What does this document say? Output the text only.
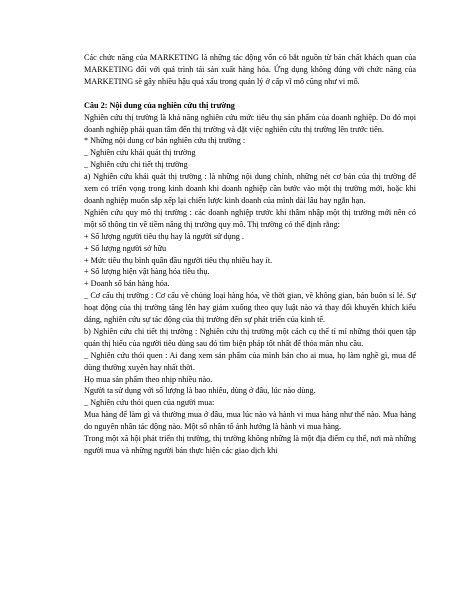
Các chức năng của MARKETING là những tác động vốn có bắt nguồn từ bản chất khách quan của MARKETING đối với quá trình tái sản xuất hàng hóa. Ứng dụng không đúng với chức năng của MARKETING sẽ gây nhiều hậu quả xấu trong quản lý ở cấp vĩ mô cũng như vi mô.

Câu 2: Nội dung của nghiên cứu thị trường

Nghiên cứu thị trường là khả năng nghiên cứu mức tiêu thụ sản phẩm của doanh nghiệp. Do đó mọi doanh nghiệp phải quan tâm đến thị trường và đặt việc nghiên cứu thị trường lên trước tiên.

* Những nội dung cơ bản nghiên cứu thị trường :

_ Nghiên cứu khái quát thị trường

_ Nghiên cứu chi tiết thị trường

a) Nghiên cứu khái quát thị trường : là những nội dung chính, những nét cơ bản của thị trường để xem có triển vọng trong kinh doanh khi doanh nghiệp cần bước vào một thị trường mới, hoặc khi doanh nghiệp muốn sắp xếp lại chiến lược kinh doanh của mình dài lâu hay ngắn hạn.

Nghiên cứu quy mô thị trường : các doanh nghiệp trước khi thâm nhập một thị trường mới nên có một số thông tin về tiềm năng thị trường quy mô. Thị trường có thể định rằng:

+ Số lượng người tiêu thụ hay là người sử dụng .

+ Số lượng người sở hữu

+ Mức tiêu thụ bình quân đầu người tiêu thụ nhiều hay ít.

+ Số lượng hiện vật hàng hóa tiêu thụ.

+ Doanh số bán hàng hóa.

_ Cơ cấu thị trường : Cơ cấu về chủng loại hàng hóa, về thời gian, về không gian, bán buôn sỉ lẻ. Sự hoạt động của thị trường tăng lên hay giảm xuống theo quy luật nào và thay đổi khuyến khích kiểu dáng, nghiên cứu sự tác động của thị trường đến sự phát triển của kinh tế.

b) Nghiên cứu chi tiết thị trường : Nghiên cứu thị trường một cách cụ thể tỉ mỉ những thói quen tập quán thị hiếu của người tiêu dùng sau đó tìm biện pháp tốt nhất để thỏa mãn nhu cầu.

_ Nghiên cứu thói quen : Ai đang xem sản phẩm của mình bán cho ai mua, họ làm nghề gì, mua để dùng thường xuyên hay nhất thời.

Họ mua sản phẩm theo nhịp nhiều nào.

Người ta sử dụng với số lượng là bao nhiêu, dùng ở đâu, lúc nào dùng.

_ Nghiên cứu thói quen của người mua:

Mua hàng để làm gì và thường mua ở đâu, mua lúc nào và hành vi mua hàng như thế nào. Mua hàng do nguyên nhân tác động nào. Một số nhân tố ảnh hưởng là hành vi mua hàng.

Trong một xã hội phát triển thị trường, thị trường không những là một địa điểm cụ thể, nơi mà những người mua và những người bán thực hiện các giao dịch khi
